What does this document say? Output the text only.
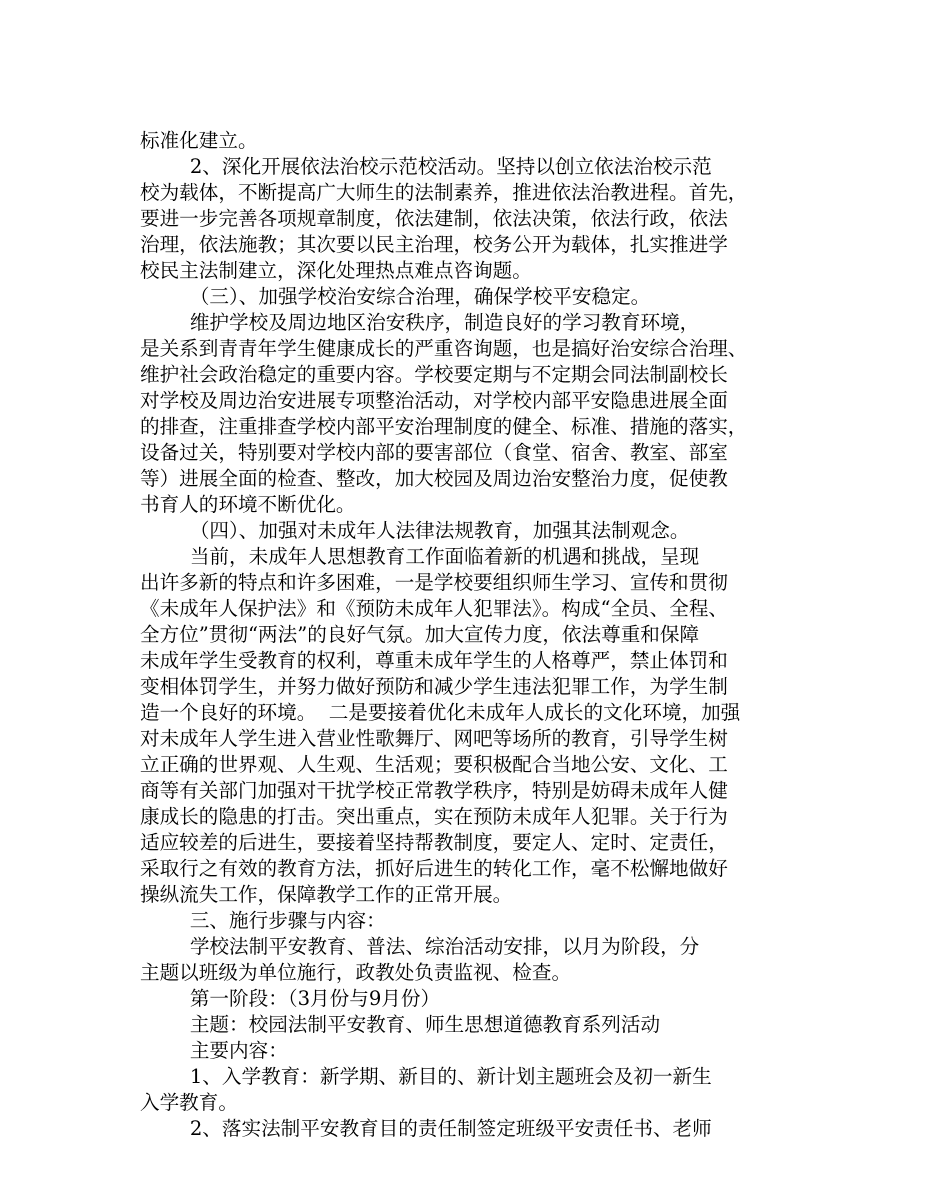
标准化建立。
2、深化开展依法治校示范校活动。坚持以创立依法治校示范
校为载体，不断提高广大师生的法制素养，推进依法治教进程。首先，
要进一步完善各项规章制度，依法建制，依法决策，依法行政，依法
治理，依法施教；其次要以民主治理，校务公开为载体，扎实推进学
校民主法制建立，深化处理热点难点咨询题。
（三）、加强学校治安综合治理，确保学校平安稳定。
维护学校及周边地区治安秩序，制造良好的学习教育环境，
是关系到青青年学生健康成长的严重咨询题，也是搞好治安综合治理、
维护社会政治稳定的重要内容。学校要定期与不定期会同法制副校长
对学校及周边治安进展专项整治活动，对学校内部平安隐患进展全面
的排查，注重排查学校内部平安治理制度的健全、标准、措施的落实，
设备过关，特别要对学校内部的要害部位（食堂、宿舍、教室、部室
等）进展全面的检查、整改，加大校园及周边治安整治力度，促使教
书育人的环境不断优化。
（四）、加强对未成年人法律法规教育，加强其法制观念。
当前，未成年人思想教育工作面临着新的机遇和挑战，呈现
出许多新的特点和许多困难，一是学校要组织师生学习、宣传和贯彻
《未成年人保护法》和《预防未成年人犯罪法》。构成“全员、全程、
全方位”贯彻“两法”的良好气氛。加大宣传力度，依法尊重和保障
未成年学生受教育的权利，尊重未成年学生的人格尊严，禁止体罚和
变相体罚学生，并努力做好预防和减少学生违法犯罪工作，为学生制
造一个良好的环境。  二是要接着优化未成年人成长的文化环境，加强
对未成年人学生进入营业性歌舞厅、网吧等场所的教育，引导学生树
立正确的世界观、人生观、生活观；要积极配合当地公安、文化、工
商等有关部门加强对干扰学校正常教学秩序，特别是妨碍未成年人健
康成长的隐患的打击。突出重点，实在预防未成年人犯罪。关于行为
适应较差的后进生，要接着坚持帮教制度，要定人、定时、定责任，
采取行之有效的教育方法，抓好后进生的转化工作，毫不松懈地做好
操纵流失工作，保障教学工作的正常开展。
三、施行步骤与内容：
学校法制平安教育、普法、综治活动安排，以月为阶段，分
主题以班级为单位施行，政教处负责监视、检查。
第一阶段：（3月份与9月份）
主题：校园法制平安教育、师生思想道德教育系列活动
主要内容：
1、入学教育：新学期、新目的、新计划主题班会及初一新生
入学教育。
2、落实法制平安教育目的责任制签定班级平安责任书、老师
